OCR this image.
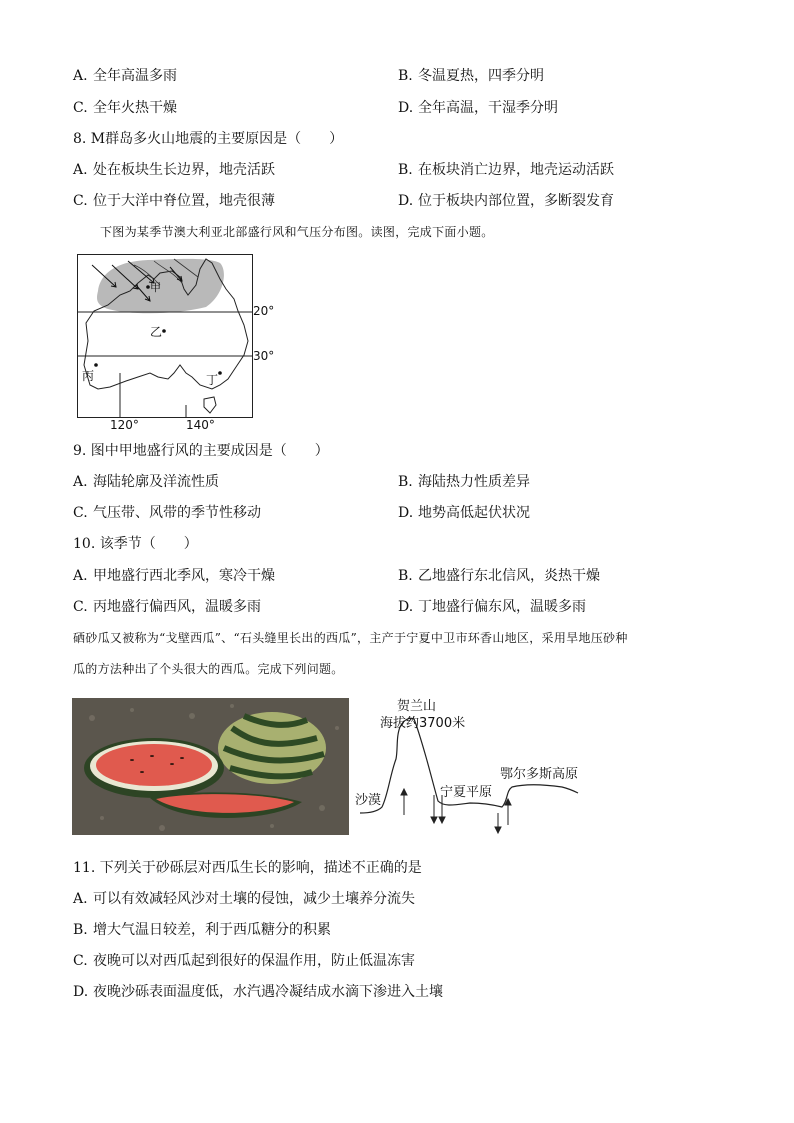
A. 全年高温多雨	B. 冬温夏热，四季分明
C. 全年火热干燥	D. 全年高温，干湿季分明
8. M群岛多火山地震的主要原因是（　　）
A. 处在板块生长边界，地壳活跃	B. 在板块消亡边界，地壳运动活跃
C. 位于大洋中脊位置，地壳很薄	D. 位于板块内部位置，多断裂发育
下图为某季节澳大利亚北部盛行风和气压分布图。读图，完成下面小题。
甲
乙
丙	丁
20°
30°
120°	140°
9. 图中甲地盛行风的主要成因是（　　）
A. 海陆轮廓及洋流性质	B. 海陆热力性质差异
C. 气压带、风带的季节性移动	D. 地势高低起伏状况
10. 该季节（　　）
A. 甲地盛行西北季风，寒冷干燥	B. 乙地盛行东北信风，炎热干燥
C. 丙地盛行偏西风，温暖多雨	D. 丁地盛行偏东风，温暖多雨
硒砂瓜又被称为“戈壁西瓜”、“石头缝里长出的西瓜”，主产于宁夏中卫市环香山地区，采用旱地压砂种
瓜的方法种出了个头很大的西瓜。完成下列问题。
贺兰山
海拔约3700米
沙漠
宁夏平原
鄂尔多斯高原
11. 下列关于砂砾层对西瓜生长的影响，描述不正确的是
A. 可以有效减轻风沙对土壤的侵蚀，减少土壤养分流失
B. 增大气温日较差，利于西瓜糖分的积累
C. 夜晚可以对西瓜起到很好的保温作用，防止低温冻害
D. 夜晚沙砾表面温度低，水汽遇冷凝结成水滴下渗进入土壤
